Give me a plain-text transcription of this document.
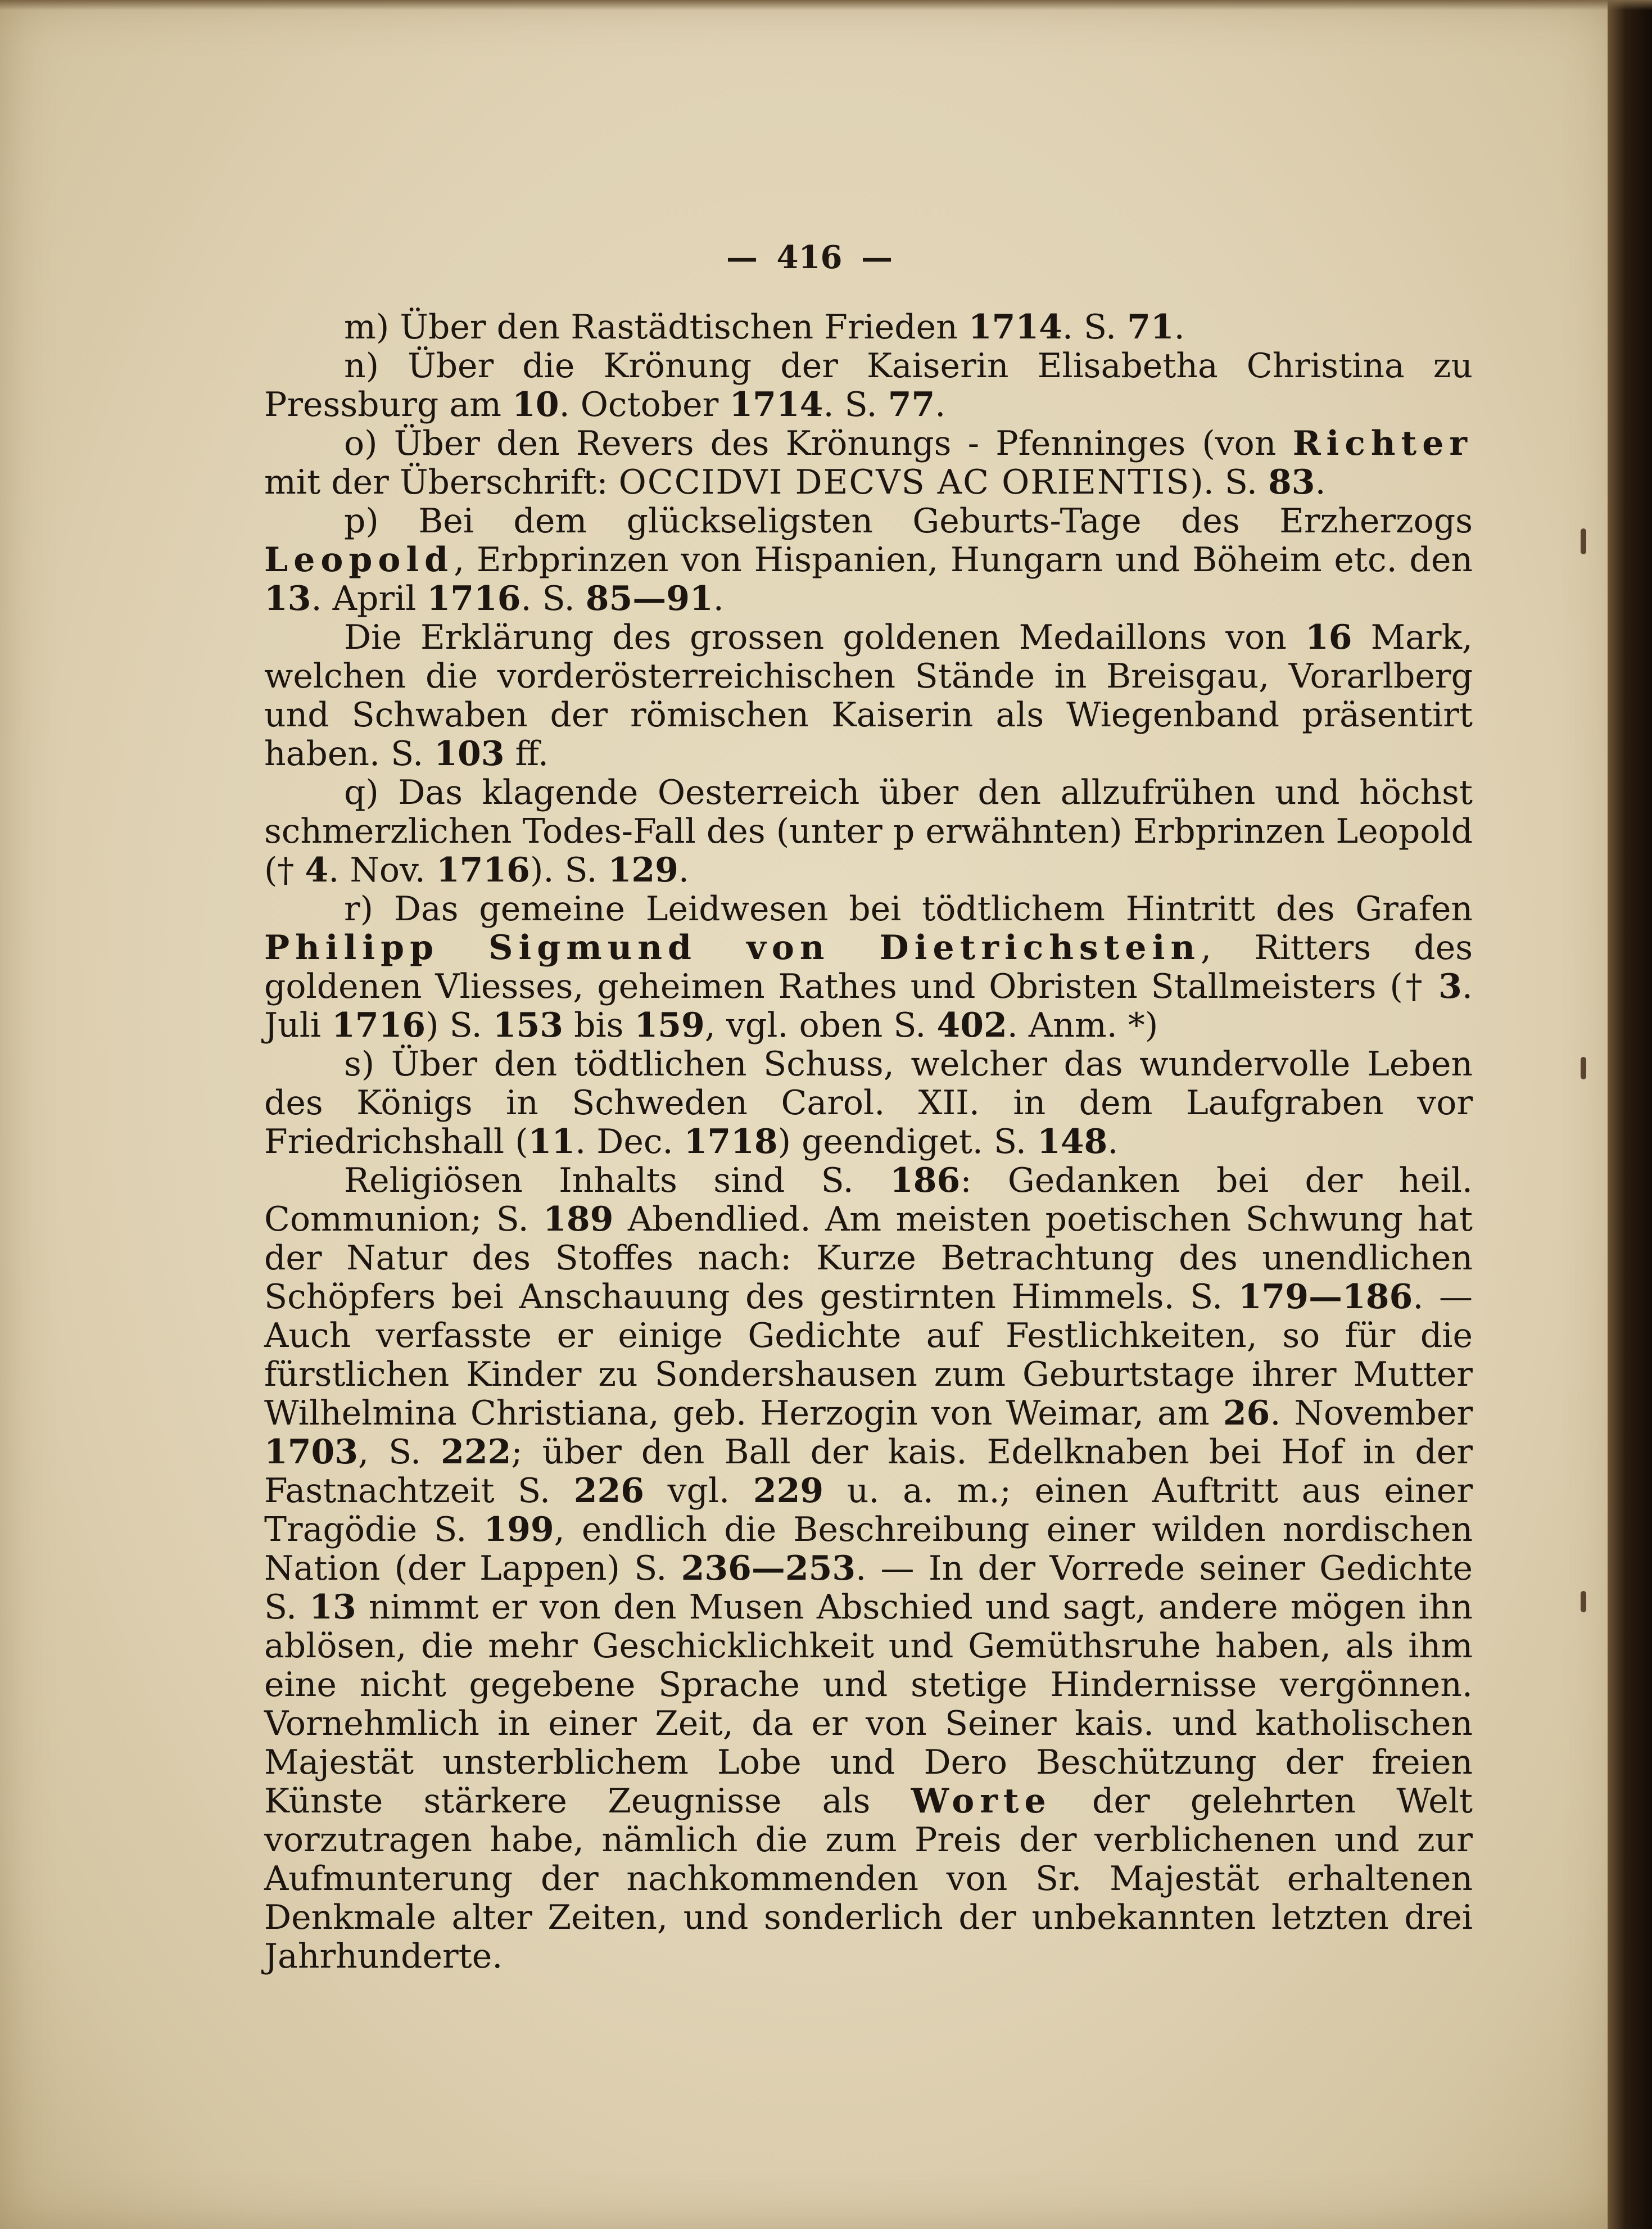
— 416 —

m) Über den Rastädtischen Frieden 1714. S. 71.

n) Über die Krönung der Kaiserin Elisabetha Christina zu Pressburg am 10. October 1714. S. 77.

o) Über den Revers des Krönungs - Pfenninges (von Richter mit der Überschrift: OCCIDVI DECVS AC ORIENTIS). S. 83.

p) Bei dem glückseligsten Geburts-Tage des Erzherzogs Leopold, Erbprinzen von Hispanien, Hungarn und Böheim etc. den 13. April 1716. S. 85—91.

Die Erklärung des grossen goldenen Medaillons von 16 Mark, welchen die vorderösterreichischen Stände in Breisgau, Vorarlberg und Schwaben der römischen Kaiserin als Wiegenband präsentirt haben. S. 103 ff.

q) Das klagende Oesterreich über den allzufrühen und höchst schmerzlichen Todes-Fall des (unter p erwähnten) Erbprinzen Leopold († 4. Nov. 1716). S. 129.

r) Das gemeine Leidwesen bei tödtlichem Hintritt des Grafen Philipp Sigmund von Dietrichstein, Ritters des goldenen Vliesses, geheimen Rathes und Obristen Stallmeisters († 3. Juli 1716) S. 153 bis 159, vgl. oben S. 402. Anm. *)

s) Über den tödtlichen Schuss, welcher das wundervolle Leben des Königs in Schweden Carol. XII. in dem Laufgraben vor Friedrichshall (11. Dec. 1718) geendiget. S. 148.

Religiösen Inhalts sind S. 186: Gedanken bei der heil. Communion; S. 189 Abendlied. Am meisten poetischen Schwung hat der Natur des Stoffes nach: Kurze Betrachtung des unendlichen Schöpfers bei Anschauung des gestirnten Himmels. S. 179—186. — Auch verfasste er einige Gedichte auf Festlichkeiten, so für die fürstlichen Kinder zu Sondershausen zum Geburtstage ihrer Mutter Wilhelmina Christiana, geb. Herzogin von Weimar, am 26. November 1703, S. 222; über den Ball der kais. Edelknaben bei Hof in der Fastnachtzeit S. 226 vgl. 229 u. a. m.; einen Auftritt aus einer Tragödie S. 199, endlich die Beschreibung einer wilden nordischen Nation (der Lappen) S. 236—253. — In der Vorrede seiner Gedichte S. 13 nimmt er von den Musen Abschied und sagt, andere mögen ihn ablösen, die mehr Geschicklichkeit und Gemüthsruhe haben, als ihm eine nicht gegebene Sprache und stetige Hindernisse vergönnen. Vornehmlich in einer Zeit, da er von Seiner kais. und katholischen Majestät unsterblichem Lobe und Dero Beschützung der freien Künste stärkere Zeugnisse als Worte der gelehrten Welt vorzutragen habe, nämlich die zum Preis der verblichenen und zur Aufmunterung der nachkommenden von Sr. Majestät erhaltenen Denkmale alter Zeiten, und sonderlich der unbekannten letzten drei Jahrhunderte.
